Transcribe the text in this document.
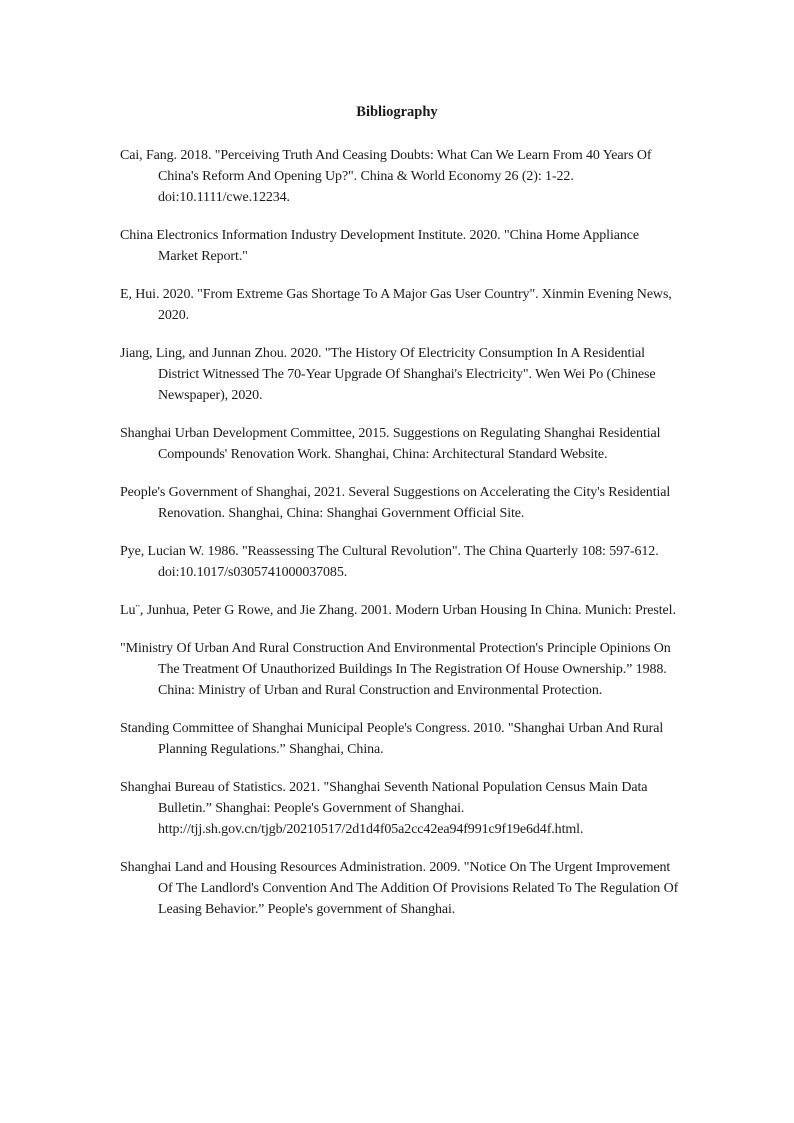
Bibliography

Cai, Fang. 2018. "Perceiving Truth And Ceasing Doubts: What Can We Learn From 40 Years Of China's Reform And Opening Up?". China & World Economy 26 (2): 1-22. doi:10.1111/cwe.12234.

China Electronics Information Industry Development Institute. 2020. "China Home Appliance Market Report."

E, Hui. 2020. "From Extreme Gas Shortage To A Major Gas User Country". Xinmin Evening News, 2020.

Jiang, Ling, and Junnan Zhou. 2020. "The History Of Electricity Consumption In A Residential District Witnessed The 70-Year Upgrade Of Shanghai's Electricity". Wen Wei Po (Chinese Newspaper), 2020.

Shanghai Urban Development Committee, 2015. Suggestions on Regulating Shanghai Residential Compounds' Renovation Work. Shanghai, China: Architectural Standard Website.

People's Government of Shanghai, 2021. Several Suggestions on Accelerating the City's Residential Renovation. Shanghai, China: Shanghai Government Official Site.

Pye, Lucian W. 1986. "Reassessing The Cultural Revolution". The China Quarterly 108: 597-612. doi:10.1017/s0305741000037085.

Lu¨, Junhua, Peter G Rowe, and Jie Zhang. 2001. Modern Urban Housing In China. Munich: Prestel.

"Ministry Of Urban And Rural Construction And Environmental Protection's Principle Opinions On The Treatment Of Unauthorized Buildings In The Registration Of House Ownership.” 1988. China: Ministry of Urban and Rural Construction and Environmental Protection.

Standing Committee of Shanghai Municipal People's Congress. 2010. "Shanghai Urban And Rural Planning Regulations.” Shanghai, China.

Shanghai Bureau of Statistics. 2021. "Shanghai Seventh National Population Census Main Data Bulletin.” Shanghai: People's Government of Shanghai. http://tjj.sh.gov.cn/tjgb/20210517/2d1d4f05a2cc42ea94f991c9f19e6d4f.html.

Shanghai Land and Housing Resources Administration. 2009. "Notice On The Urgent Improvement Of The Landlord's Convention And The Addition Of Provisions Related To The Regulation Of Leasing Behavior.” People's government of Shanghai.
